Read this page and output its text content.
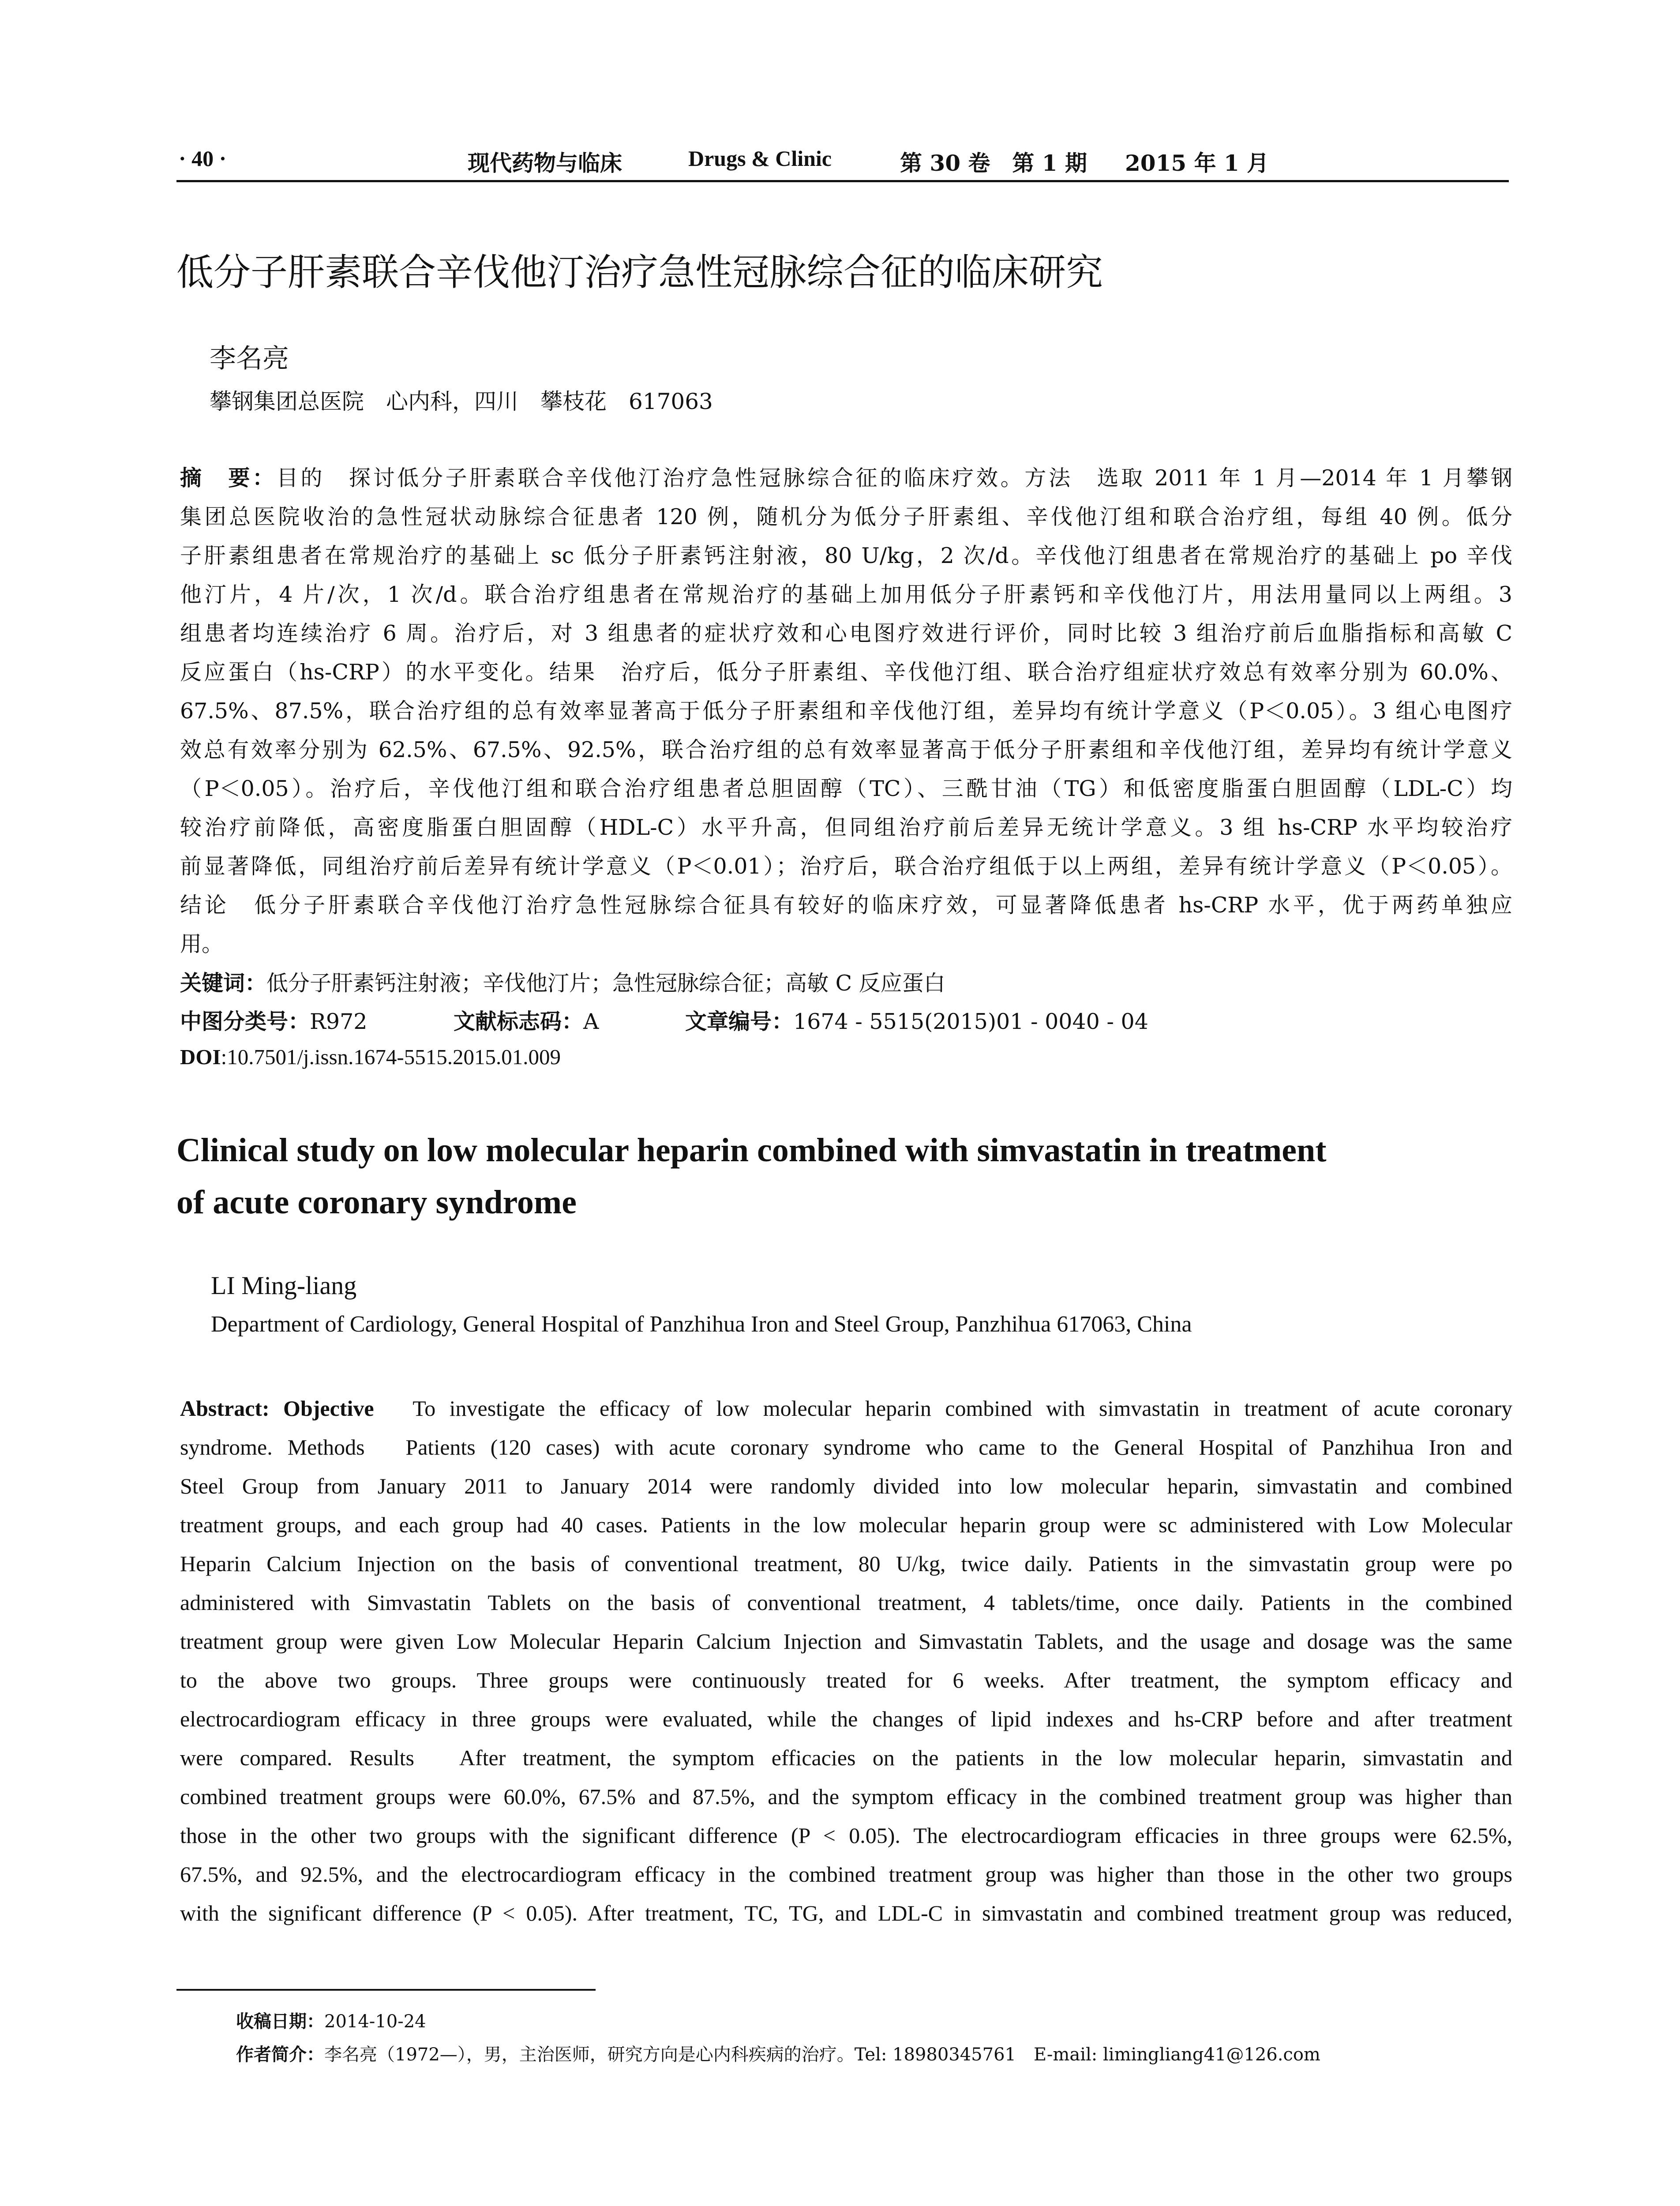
· 40 ·	现代药物与临床	Drugs & Clinic	第 30 卷　第 1 期 2015 年 1 月
低分子肝素联合辛伐他汀治疗急性冠脉综合征的临床研究
李名亮
攀钢集团总医院　心内科，四川　攀枝花　617063
摘　要：目的　探讨低分子肝素联合辛伐他汀治疗急性冠脉综合征的临床疗效。方法　选取 2011 年 1 月—2014 年 1 月攀钢
集团总医院收治的急性冠状动脉综合征患者 120 例，随机分为低分子肝素组、辛伐他汀组和联合治疗组，每组 40 例。低分
子肝素组患者在常规治疗的基础上 sc 低分子肝素钙注射液，80 U/kg，2 次/d。辛伐他汀组患者在常规治疗的基础上 po 辛伐
他汀片，4 片/次，1 次/d。联合治疗组患者在常规治疗的基础上加用低分子肝素钙和辛伐他汀片，用法用量同以上两组。3
组患者均连续治疗 6 周。治疗后，对 3 组患者的症状疗效和心电图疗效进行评价，同时比较 3 组治疗前后血脂指标和高敏 C
反应蛋白（hs-CRP）的水平变化。结果　治疗后，低分子肝素组、辛伐他汀组、联合治疗组症状疗效总有效率分别为 60.0%、
67.5%、87.5%，联合治疗组的总有效率显著高于低分子肝素组和辛伐他汀组，差异均有统计学意义（P＜0.05）。3 组心电图疗
效总有效率分别为 62.5%、67.5%、92.5%，联合治疗组的总有效率显著高于低分子肝素组和辛伐他汀组，差异均有统计学意义
（P＜0.05）。治疗后，辛伐他汀组和联合治疗组患者总胆固醇（TC）、三酰甘油（TG）和低密度脂蛋白胆固醇（LDL-C）均
较治疗前降低，高密度脂蛋白胆固醇（HDL-C）水平升高，但同组治疗前后差异无统计学意义。3 组 hs-CRP 水平均较治疗
前显著降低，同组治疗前后差异有统计学意义（P＜0.01）；治疗后，联合治疗组低于以上两组，差异有统计学意义（P＜0.05）。
结论　低分子肝素联合辛伐他汀治疗急性冠脉综合征具有较好的临床疗效，可显著降低患者 hs-CRP 水平，优于两药单独应
用。
关键词：低分子肝素钙注射液；辛伐他汀片；急性冠脉综合征；高敏 C 反应蛋白
中图分类号：R972	文献标志码：A	文章编号：1674 - 5515(2015)01 - 0040 - 04
DOI:10.7501/j.issn.1674-5515.2015.01.009
Clinical study on low molecular heparin combined with simvastatin in treatment
of acute coronary syndrome
LI Ming-liang
Department of Cardiology, General Hospital of Panzhihua Iron and Steel Group, Panzhihua 617063, China
Abstract: Objective　To investigate the efficacy of low molecular heparin combined with simvastatin in treatment of acute coronary
syndrome. Methods　Patients (120 cases) with acute coronary syndrome who came to the General Hospital of Panzhihua Iron and
Steel Group from January 2011 to January 2014 were randomly divided into low molecular heparin, simvastatin and combined
treatment groups, and each group had 40 cases. Patients in the low molecular heparin group were sc administered with Low Molecular
Heparin Calcium Injection on the basis of conventional treatment, 80 U/kg, twice daily. Patients in the simvastatin group were po
administered with Simvastatin Tablets on the basis of conventional treatment, 4 tablets/time, once daily. Patients in the combined
treatment group were given Low Molecular Heparin Calcium Injection and Simvastatin Tablets, and the usage and dosage was the same
to the above two groups. Three groups were continuously treated for 6 weeks. After treatment, the symptom efficacy and
electrocardiogram efficacy in three groups were evaluated, while the changes of lipid indexes and hs-CRP before and after treatment
were compared. Results　After treatment, the symptom efficacies on the patients in the low molecular heparin, simvastatin and
combined treatment groups were 60.0%, 67.5% and 87.5%, and the symptom efficacy in the combined treatment group was higher than
those in the other two groups with the significant difference (P < 0.05). The electrocardiogram efficacies in three groups were 62.5%,
67.5%, and 92.5%, and the electrocardiogram efficacy in the combined treatment group was higher than those in the other two groups
with the significant difference (P < 0.05). After treatment, TC, TG, and LDL-C in simvastatin and combined treatment group was reduced,
收稿日期：2014-10-24
作者简介：李名亮（1972—），男，主治医师，研究方向是心内科疾病的治疗。Tel: 18980345761　E-mail: limingliang41@126.com
